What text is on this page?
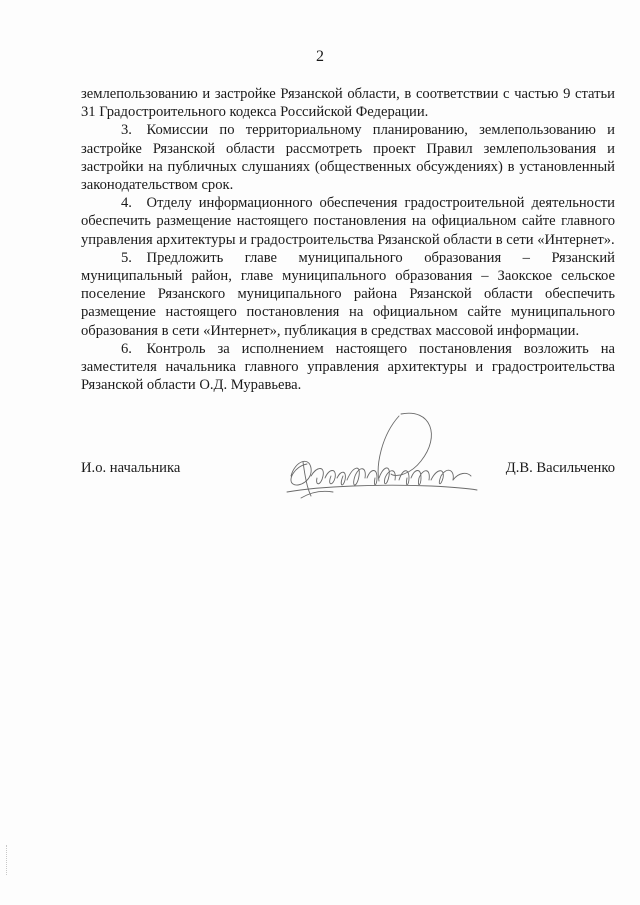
2

землепользованию и застройке Рязанской области, в соответствии с частью 9 статьи 31 Градостроительного кодекса Российской Федерации.

3. Комиссии по территориальному планированию, землепользованию и застройке Рязанской области рассмотреть проект Правил землепользования и застройки на публичных слушаниях (общественных обсуждениях) в установленный законодательством срок.

4. Отделу информационного обеспечения градостроительной деятельности обеспечить размещение настоящего постановления на официальном сайте главного управления архитектуры и градостроительства Рязанской области в сети «Интернет».

5. Предложить главе муниципального образования – Рязанский муниципальный район, главе муниципального образования – Заокское сельское поселение Рязанского муниципального района Рязанской области обеспечить размещение настоящего постановления на официальном сайте муниципального образования в сети «Интернет», публикация в средствах массовой информации.

6. Контроль за исполнением настоящего постановления возложить на заместителя начальника главного управления архитектуры и градостроительства Рязанской области О.Д. Муравьева.

И.о. начальника	Д.В. Васильченко
